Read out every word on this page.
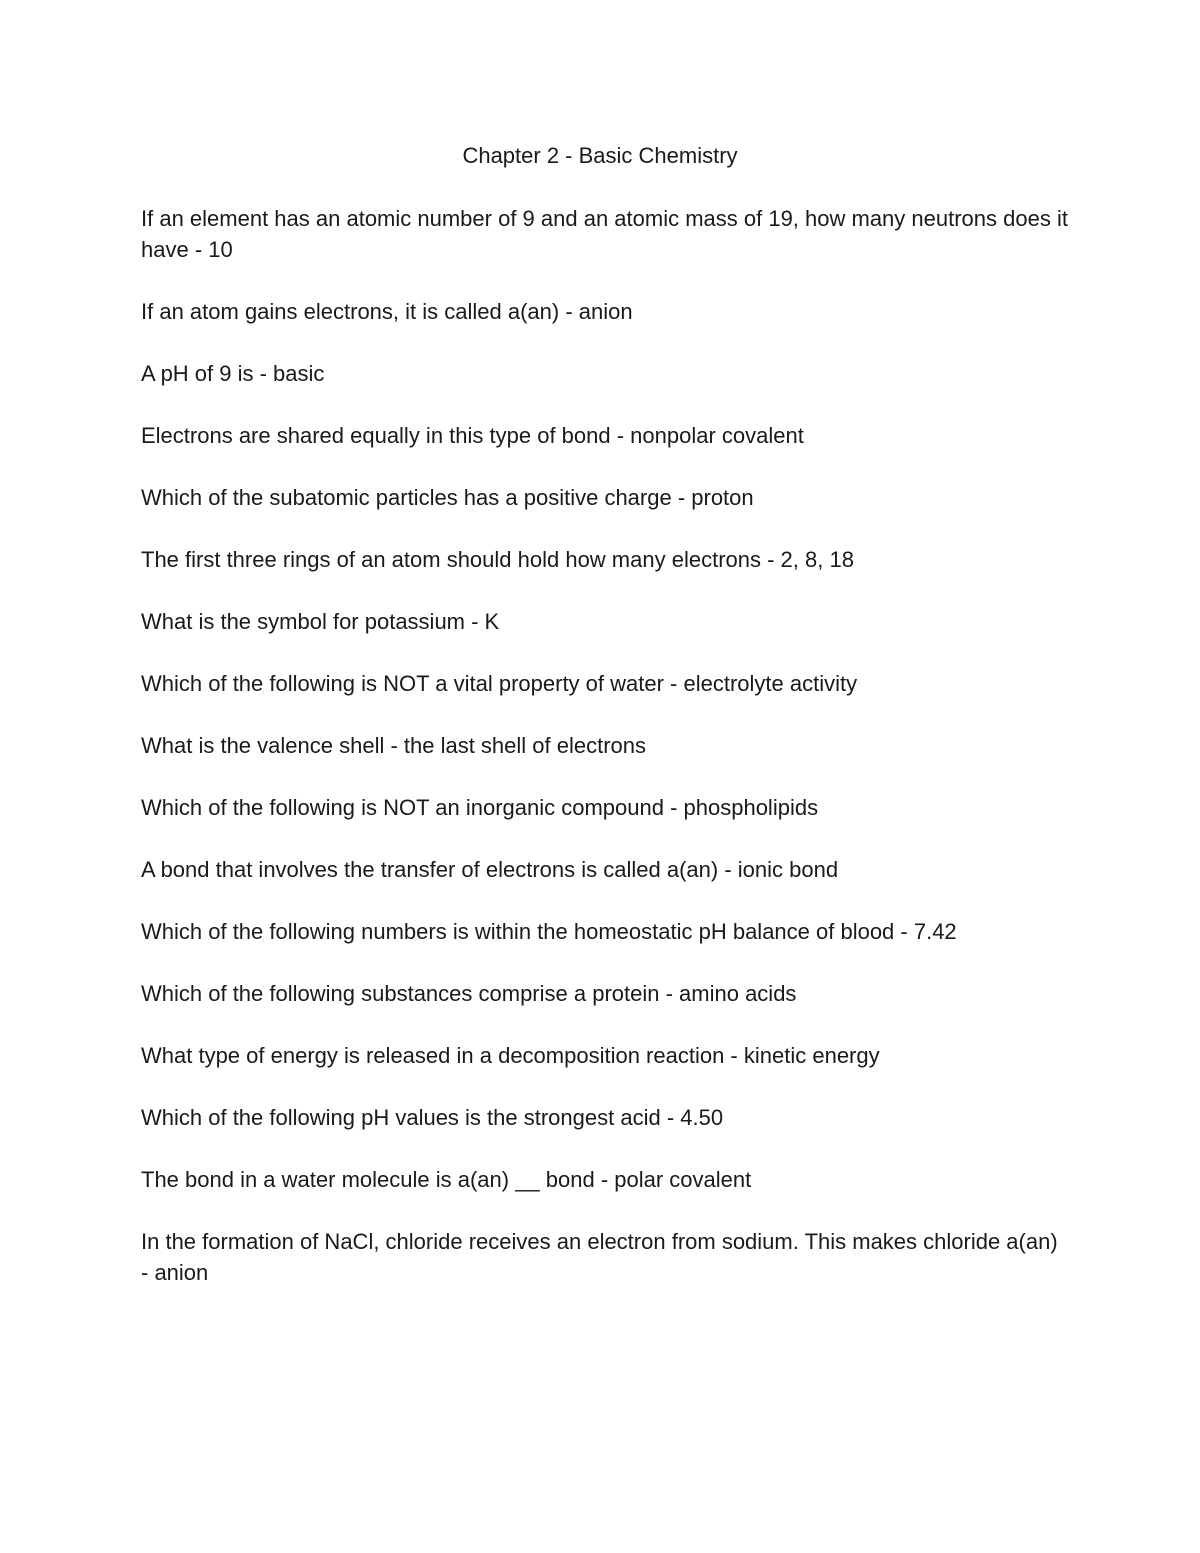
Chapter 2 - Basic Chemistry
If an element has an atomic number of 9 and an atomic mass of 19, how many neutrons does it have - 10
If an atom gains electrons, it is called a(an) - anion
A pH of 9 is - basic
Electrons are shared equally in this type of bond - nonpolar covalent
Which of the subatomic particles has a positive charge - proton
The first three rings of an atom should hold how many electrons - 2, 8, 18
What is the symbol for potassium - K
Which of the following is NOT a vital property of water - electrolyte activity
What is the valence shell - the last shell of electrons
Which of the following is NOT an inorganic compound - phospholipids
A bond that involves the transfer of electrons is called a(an) - ionic bond
Which of the following numbers is within the homeostatic pH balance of blood - 7.42
Which of the following substances comprise a protein - amino acids
What type of energy is released in a decomposition reaction - kinetic energy
Which of the following pH values is the strongest acid - 4.50
The bond in a water molecule is a(an) __ bond - polar covalent
In the formation of NaCl, chloride receives an electron from sodium. This makes chloride a(an) - anion
